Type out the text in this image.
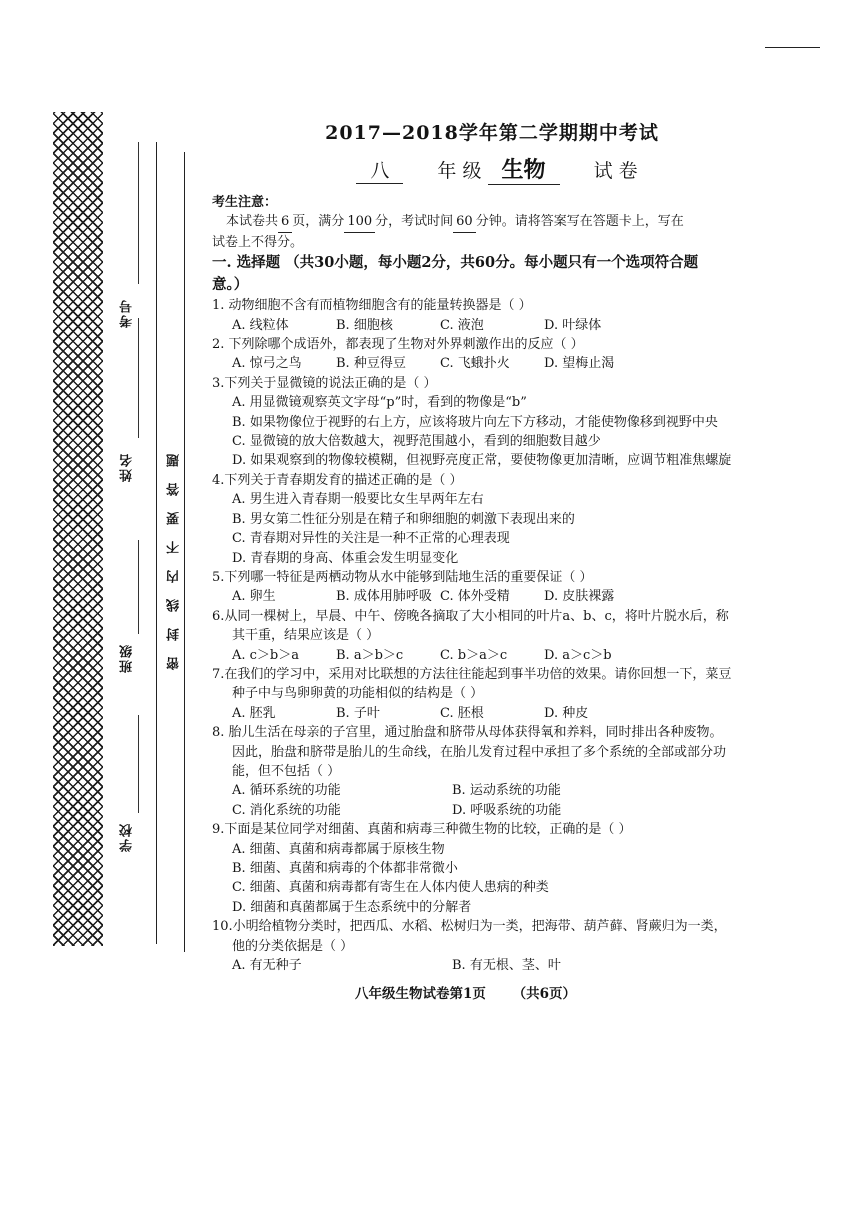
考号
姓名
班级
学校
密封线内不要答题
2017—2018学年第二学期期中考试
八	年 级 生物	试 卷
考生注意：
本试卷共 6 页，满分 100 分，考试时间 60 分钟。请将答案写在答题卡上，写在
试卷上不得分。
一. 选择题 （共30小题，每小题2分，共60分。每小题只有一个选项符合题
意。）
1. 动物细胞不含有而植物细胞含有的能量转换器是（ ）
A. 线粒体	B. 细胞核	C. 液泡	D. 叶绿体
2. 下列除哪个成语外，都表现了生物对外界刺激作出的反应（ ）
A. 惊弓之鸟	B. 种豆得豆	C. 飞蛾扑火	D. 望梅止渴
3.下列关于显微镜的说法正确的是（ ）
A. 用显微镜观察英文字母“p”时，看到的物像是“b”
B. 如果物像位于视野的右上方，应该将玻片向左下方移动，才能使物像移到视野中央
C. 显微镜的放大倍数越大，视野范围越小，看到的细胞数目越少
D. 如果观察到的物像较模糊，但视野亮度正常，要使物像更加清晰，应调节粗准焦螺旋
4.下列关于青春期发育的描述正确的是（ ）
A. 男生进入青春期一般要比女生早两年左右
B. 男女第二性征分别是在精子和卵细胞的刺激下表现出来的
C. 青春期对异性的关注是一种不正常的心理表现
D. 青春期的身高、体重会发生明显变化
5.下列哪一特征是两栖动物从水中能够到陆地生活的重要保证（ ）
A. 卵生	B. 成体用肺呼吸 C. 体外受精	D. 皮肤裸露
6.从同一棵树上，早晨、中午、傍晚各摘取了大小相同的叶片a、b、c，将叶片脱水后，称
其干重，结果应该是（ ）
A. c＞b＞a	B. a＞b＞c	C. b＞a＞c	D. a＞c＞b
7.在我们的学习中，采用对比联想的方法往往能起到事半功倍的效果。请你回想一下，菜豆
种子中与鸟卵卵黄的功能相似的结构是（ ）
A. 胚乳	B. 子叶	C. 胚根	D. 种皮
8. 胎儿生活在母亲的子宫里，通过胎盘和脐带从母体获得氧和养料，同时排出各种废物。
因此，胎盘和脐带是胎儿的生命线，在胎儿发育过程中承担了多个系统的全部或部分功
能，但不包括（ ）
A. 循环系统的功能	B. 运动系统的功能
C. 消化系统的功能	D. 呼吸系统的功能
9.下面是某位同学对细菌、真菌和病毒三种微生物的比较，正确的是（ ）
A. 细菌、真菌和病毒都属于原核生物
B. 细菌、真菌和病毒的个体都非常微小
C. 细菌、真菌和病毒都有寄生在人体内使人患病的种类
D. 细菌和真菌都属于生态系统中的分解者
10.小明给植物分类时，把西瓜、水稻、松树归为一类，把海带、葫芦藓、肾蕨归为一类，
他的分类依据是（ ）
A. 有无种子	B. 有无根、茎、叶
八年级生物试卷第1页 （共6页）
